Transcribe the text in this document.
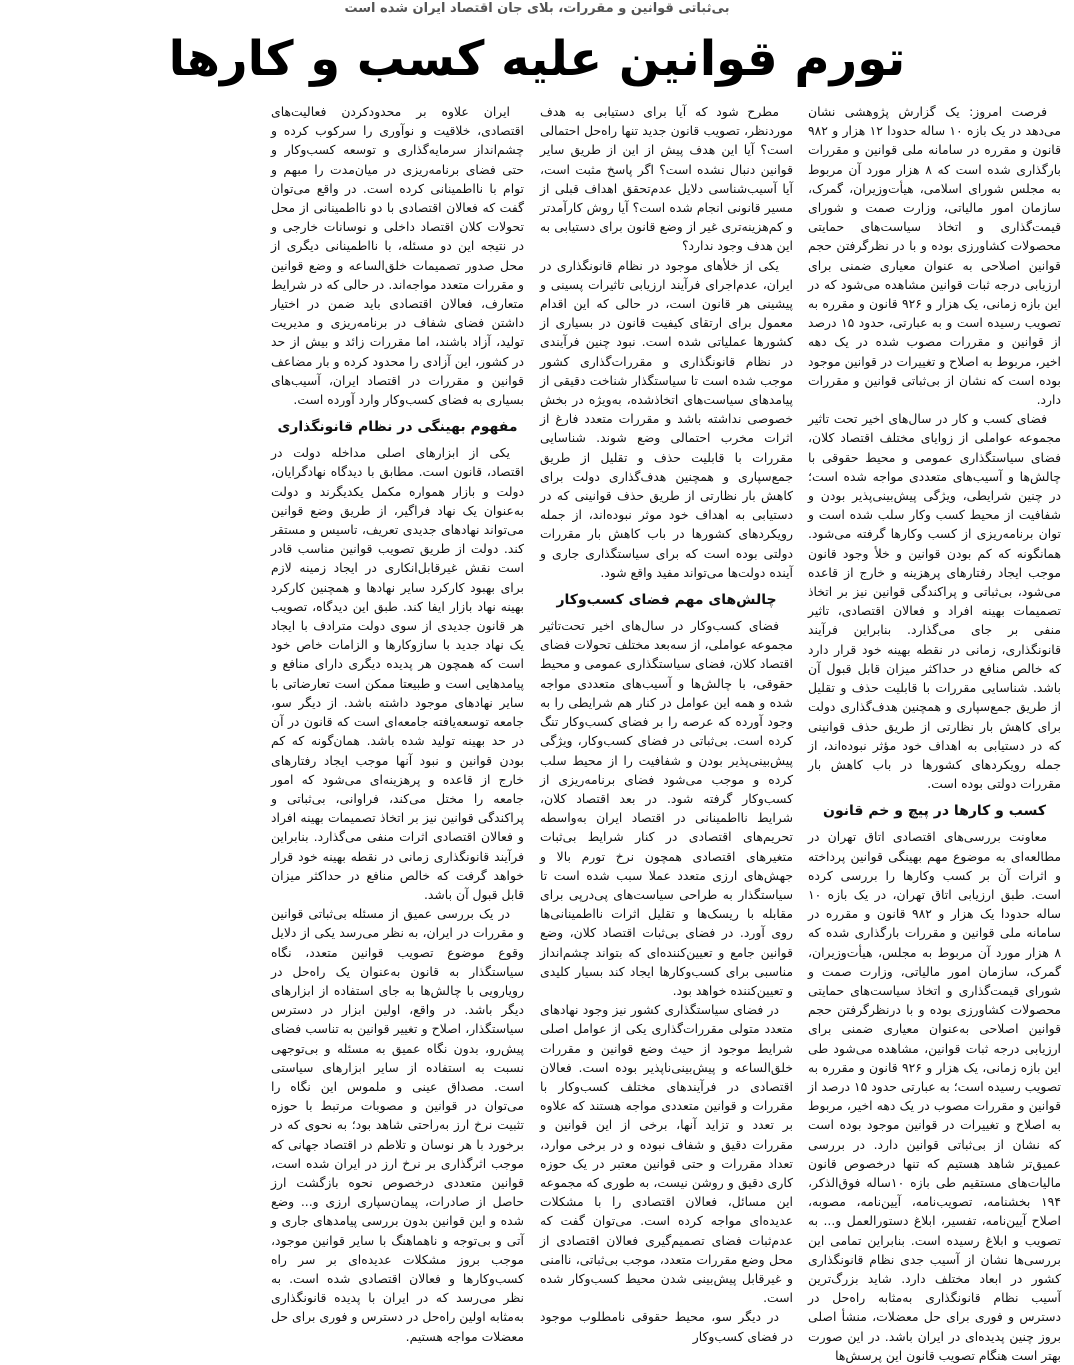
بی‌ثباتی قوانین و مقررات، بلای جان اقتصاد ایران شده است
تورم قوانین علیه کسب و کارها

فرصت امروز: یک گزارش پژوهشی نشان می‌دهد در یک بازه ۱۰ ساله حدودا ۱۲ هزار و ۹۸۲ قانون و مقرره در سامانه ملی قوانین و مقررات بارگذاری شده است که ۸ هزار مورد آن مربوط به مجلس شورای اسلامی، هیأت‌وزیران، گمرک، سازمان امور مالیاتی، وزارت صمت و شورای قیمت‌گذاری و اتخاذ سیاست‌های حمایتی محصولات کشاورزی بوده و با در نظرگرفتن حجم قوانین اصلاحی به عنوان معیاری ضمنی برای ارزیابی درجه ثبات قوانین مشاهده می‌شود که در این بازه زمانی، یک هزار و ۹۲۶ قانون و مقرره به تصویب رسیده است و به عبارتی، حدود ۱۵ درصد از قوانین و مقررات مصوب شده در یک دهه اخیر، مربوط به اصلاح و تغییرات در قوانین موجود بوده است که نشان از بی‌ثباتی قوانین و مقررات دارد.

فضای کسب و کار در سال‌های اخیر تحت تاثیر مجموعه عواملی از زوایای مختلف اقتصاد کلان، فضای سیاستگذاری عمومی و محیط حقوقی با چالش‌ها و آسیب‌های متعددی مواجه شده است؛ در چنین شرایطی، ویژگی پیش‌بینی‌پذیر بودن و شفافیت از محیط کسب وکار سلب شده است و توان برنامه‌ریزی از کسب وکارها گرفته می‌شود. همانگونه که کم بودن قوانین و خلأ وجود قانون موجب ایجاد رفتارهای پرهزینه و خارج از قاعده می‌شود، بی‌ثباتی و پراکندگی قوانین نیز بر اتخاذ تصمیمات بهینه افراد و فعالان اقتصادی، تاثیر منفی بر جای می‌گذارد. بنابراین فرآیند قانونگذاری، زمانی در نقطه بهینه خود قرار دارد که خالص منافع در حداکثر میزان قابل قبول آن باشد. شناسایی مقررات با قابلیت حذف و تقلیل از طریق جمع‌سپاری و همچنین هدف‌گذاری دولت برای کاهش بار نظارتی از طریق حذف قوانینی که در دستیابی به اهداف خود مؤثر نبوده‌اند، از جمله رویکردهای کشورها در باب کاهش بار مقررات دولتی بوده است.

کسب و کارها در پیچ و خم قانون

معاونت بررسی‌های اقتصادی اتاق تهران در مطالعه‌ای به موضوع مهم بهینگی قوانین پرداخته و اثرات آن بر کسب وکارها را بررسی کرده است. طبق ارزیابی اتاق تهران، در یک بازه ۱۰ ساله حدودا یک هزار و ۹۸۲ قانون و مقرره در سامانه ملی قوانین و مقررات بارگذاری شده که ۸ هزار مورد آن مربوط به مجلس، هیأت‌وزیران، گمرک، سازمان امور مالیاتی، وزارت صمت و شورای قیمت‌گذاری و اتخاذ سیاست‌های حمایتی محصولات کشاورزی بوده و با درنظرگرفتن حجم قوانین اصلاحی به‌عنوان معیاری ضمنی برای ارزیابی درجه ثبات قوانین، مشاهده می‌شود طی این بازه زمانی، یک هزار و ۹۲۶ قانون و مقرره به تصویب رسیده است؛ به عبارتی حدود ۱۵ درصد از قوانین و مقررات مصوب در یک دهه اخیر، مربوط به اصلاح و تغییرات در قوانین موجود بوده است که نشان از بی‌ثباتی قوانین دارد. در بررسی عمیق‌تر شاهد هستیم که تنها درخصوص قانون مالیات‌های مستقیم طی بازه ۱۰ساله فوق‌الذکر، ۱۹۴ بخشنامه، تصویب‌نامه، آیین‌نامه، مصوبه، اصلاح آیین‌نامه، تفسیر، ابلاغ دستورالعمل و... به تصویب و ابلاغ رسیده است. بنابراین تمامی این بررسی‌ها نشان از آسیب جدی نظام قانونگذاری کشور در ابعاد مختلف دارد. شاید بزرگ‌ترین آسیب نظام قانونگذاری به‌مثابه راه‌حل در دسترس و فوری برای حل معضلات، منشأ اصلی بروز چنین پدیده‌ای در ایران باشد. در این صورت بهتر است هنگام تصویب قانون این پرسش‌ها

مطرح شود که آیا برای دستیابی به هدف موردنظر، تصویب قانون جدید تنها راه‌حل احتمالی است؟ آیا این هدف پیش از این از طریق سایر قوانین دنبال نشده است؟ اگر پاسخ مثبت است، آیا آسیب‌شناسی دلایل عدم‌تحقق اهداف قبلی از مسیر قانونی انجام شده است؟ آیا روش کارآمدتر و کم‌هزینه‌تری غیر از وضع قانون برای دستیابی به این هدف وجود ندارد؟

یکی از خلأهای موجود در نظام قانونگذاری در ایران، عدم‌اجرای فرآیند ارزیابی تاثیرات پسینی و پیشینی هر قانون است، در حالی که این اقدام معمول برای ارتقای کیفیت قانون در بسیاری از کشورها عملیاتی شده است. نبود چنین فرآیندی در نظام قانونگذاری و مقررات‌گذاری کشور موجب شده است تا سیاستگذار شناخت دقیقی از پیامدهای سیاست‌های اتخاذشده، به‌ویژه در بخش خصوصی نداشته باشد و مقررات متعدد فارغ از اثرات مخرب احتمالی وضع شوند. شناسایی مقررات با قابلیت حذف و تقلیل از طریق جمع‌سپاری و همچنین هدف‌گذاری دولت برای کاهش بار نظارتی از طریق حذف قوانینی که در دستیابی به اهداف خود موثر نبوده‌اند، از جمله رویکردهای کشورها در باب کاهش بار مقررات دولتی بوده است که برای سیاستگذاری جاری و آینده دولت‌ها می‌تواند مفید واقع شود.

چالش‌های مهم فضای کسب‌وکار

فضای کسب‌وکار در سال‌های اخیر تحت‌تاثیر مجموعه عواملی، از سه‌بعد مختلف تحولات فضای اقتصاد کلان، فضای سیاستگذاری عمومی و محیط حقوقی، با چالش‌ها و آسیب‌های متعددی مواجه شده و همه این عوامل در کنار هم شرایطی را به وجود آورده که عرصه را بر فضای کسب‌وکار تنگ کرده است. بی‌ثباتی در فضای کسب‌وکار، ویژگی پیش‌بینی‌پذیر بودن و شفافیت را از محیط سلب کرده و موجب می‌شود فضای برنامه‌ریزی از کسب‌وکار گرفته شود. در بعد اقتصاد کلان، شرایط نااطمینانی در اقتصاد ایران به‌واسطه تحریم‌های اقتصادی در کنار شرایط بی‌ثبات متغیرهای اقتصادی همچون نرخ تورم بالا و جهش‌های ارزی متعدد عملا سبب شده است تا سیاستگذار به طراحی سیاست‌های پی‌درپی برای مقابله با ریسک‌ها و تقلیل اثرات نااطمینانی‌ها روی آورد. در فضای بی‌ثبات اقتصاد کلان، وضع قوانین جامع و تعیین‌کننده‌ای که بتواند چشم‌انداز مناسبی برای کسب‌وکارها ایجاد کند بسیار کلیدی و تعیین‌کننده خواهد بود.

در فضای سیاستگذاری کشور نیز وجود نهادهای متعدد متولی مقررات‌گذاری یکی از عوامل اصلی شرایط موجود از حیث وضع قوانین و مقررات خلق‌الساعه و پیش‌بینی‌ناپذیر بوده است. فعالان اقتصادی در فرآیندهای مختلف کسب‌وکار با مقررات و قوانین متعددی مواجه هستند که علاوه بر تعدد و تزاید آنها، برخی از این قوانین و مقررات دقیق و شفاف نبوده و در برخی موارد، تعداد مقررات و حتی قوانین معتبر در یک حوزه کاری دقیق و روشن نیست، به طوری که مجموعه این مسائل، فعالان اقتصادی را با مشکلات عدیده‌ای مواجه کرده است. می‌توان گفت که عدم‌ثبات فضای تصمیم‌گیری فعالان اقتصادی از محل وضع مقررات متعدد، موجب بی‌ثباتی، ناامنی و غیرقابل پیش‌بینی شدن محیط کسب‌وکار شده است.

در دیگر سو، محیط حقوقی نامطلوب موجود در فضای کسب‌وکار

ایران علاوه بر محدودکردن فعالیت‌های اقتصادی، خلاقیت و نوآوری را سرکوب کرده و چشم‌انداز سرمایه‌گذاری و توسعه کسب‌وکار و حتی فضای برنامه‌ریزی در میان‌مدت را مبهم و توام با نااطمینانی کرده است. در واقع می‌توان گفت که فعالان اقتصادی با دو نااطمینانی از محل تحولات کلان اقتصاد داخلی و نوسانات خارجی و در نتیجه این دو مسئله، با نااطمینانی دیگری از محل صدور تصمیمات خلق‌الساعه و وضع قوانین و مقررات متعدد مواجه‌اند. در حالی که در شرایط متعارف، فعالان اقتصادی باید ضمن در اختیار داشتن فضای شفاف در برنامه‌ریزی و مدیریت تولید، آزاد باشند، اما مقررات زائد و بیش از حد در کشور، این آزادی را محدود کرده و بار مضاعف قوانین و مقررات در اقتصاد ایران، آسیب‌های بسیاری به فضای کسب‌وکار وارد آورده است.

مفهوم بهینگی در نظام قانونگذاری

یکی از ابزارهای اصلی مداخله دولت در اقتصاد، قانون است. مطابق با دیدگاه نهادگرایان، دولت و بازار همواره مکمل یکدیگرند و دولت به‌عنوان یک نهاد فراگیر، از طریق وضع قوانین می‌تواند نهادهای جدیدی تعریف، تاسیس و مستقر کند. دولت از طریق تصویب قوانین مناسب قادر است نقش غیرقابل‌انکاری در ایجاد زمینه لازم برای بهبود کارکرد سایر نهادها و همچنین کارکرد بهینه نهاد بازار ایفا کند. طبق این دیدگاه، تصویب هر قانون جدیدی از سوی دولت مترادف با ایجاد یک نهاد جدید با سازوکارها و الزامات خاص خود است که همچون هر پدیده دیگری دارای منافع و پیامدهایی است و طبیعتا ممکن است تعارضاتی با سایر نهادهای موجود داشته باشد. از دیگر سو، جامعه توسعه‌یافته جامعه‌ای است که قانون در آن در حد بهینه تولید شده باشد. همان‌گونه که کم بودن قوانین و نبود آنها موجب ایجاد رفتارهای خارج از قاعده و پرهزینه‌ای می‌شود که امور جامعه را مختل می‌کند، فراوانی، بی‌ثباتی و پراکندگی قوانین نیز بر اتخاذ تصمیمات بهینه افراد و فعالان اقتصادی اثرات منفی می‌گذارد. بنابراین فرآیند قانونگذاری زمانی در نقطه بهینه خود قرار خواهد گرفت که خالص منافع در حداکثر میزان قابل قبول آن باشد.

در یک بررسی عمیق از مسئله بی‌ثباتی قوانین و مقررات در ایران، به نظر می‌رسد یکی از دلایل وقوع موضوع تصویب قوانین متعدد، نگاه سیاستگذار به قانون به‌عنوان یک راه‌حل در رویارویی با چالش‌ها به جای استفاده از ابزارهای دیگر باشد. در واقع، اولین ابزار در دسترس سیاستگذار، اصلاح و تغییر قوانین به تناسب فضای پیش‌رو، بدون نگاه عمیق به مسئله و بی‌توجهی نسبت به استفاده از سایر ابزارهای سیاستی است. مصداق عینی و ملموس این نگاه را می‌توان در قوانین و مصوبات مرتبط با حوزه تثبیت نرخ ارز به‌راحتی شاهد بود؛ به نحوی که در برخورد با هر نوسان و تلاطم در اقتصاد جهانی که موجب اثرگذاری بر نرخ ارز در ایران شده است، قوانین متعددی درخصوص نحوه بازگشت ارز حاصل از صادرات، پیمان‌سپاری ارزی و... وضع شده و این قوانین بدون بررسی پیامدهای جاری و آتی و بی‌توجه و ناهماهنگ با سایر قوانین موجود، موجب بروز مشکلات عدیده‌ای بر سر راه کسب‌وکارها و فعالان اقتصادی شده است. به نظر می‌رسد که در ایران با پدیده قانونگذاری به‌مثابه اولین راه‌حل در دسترس و فوری برای حل معضلات مواجه هستیم.
